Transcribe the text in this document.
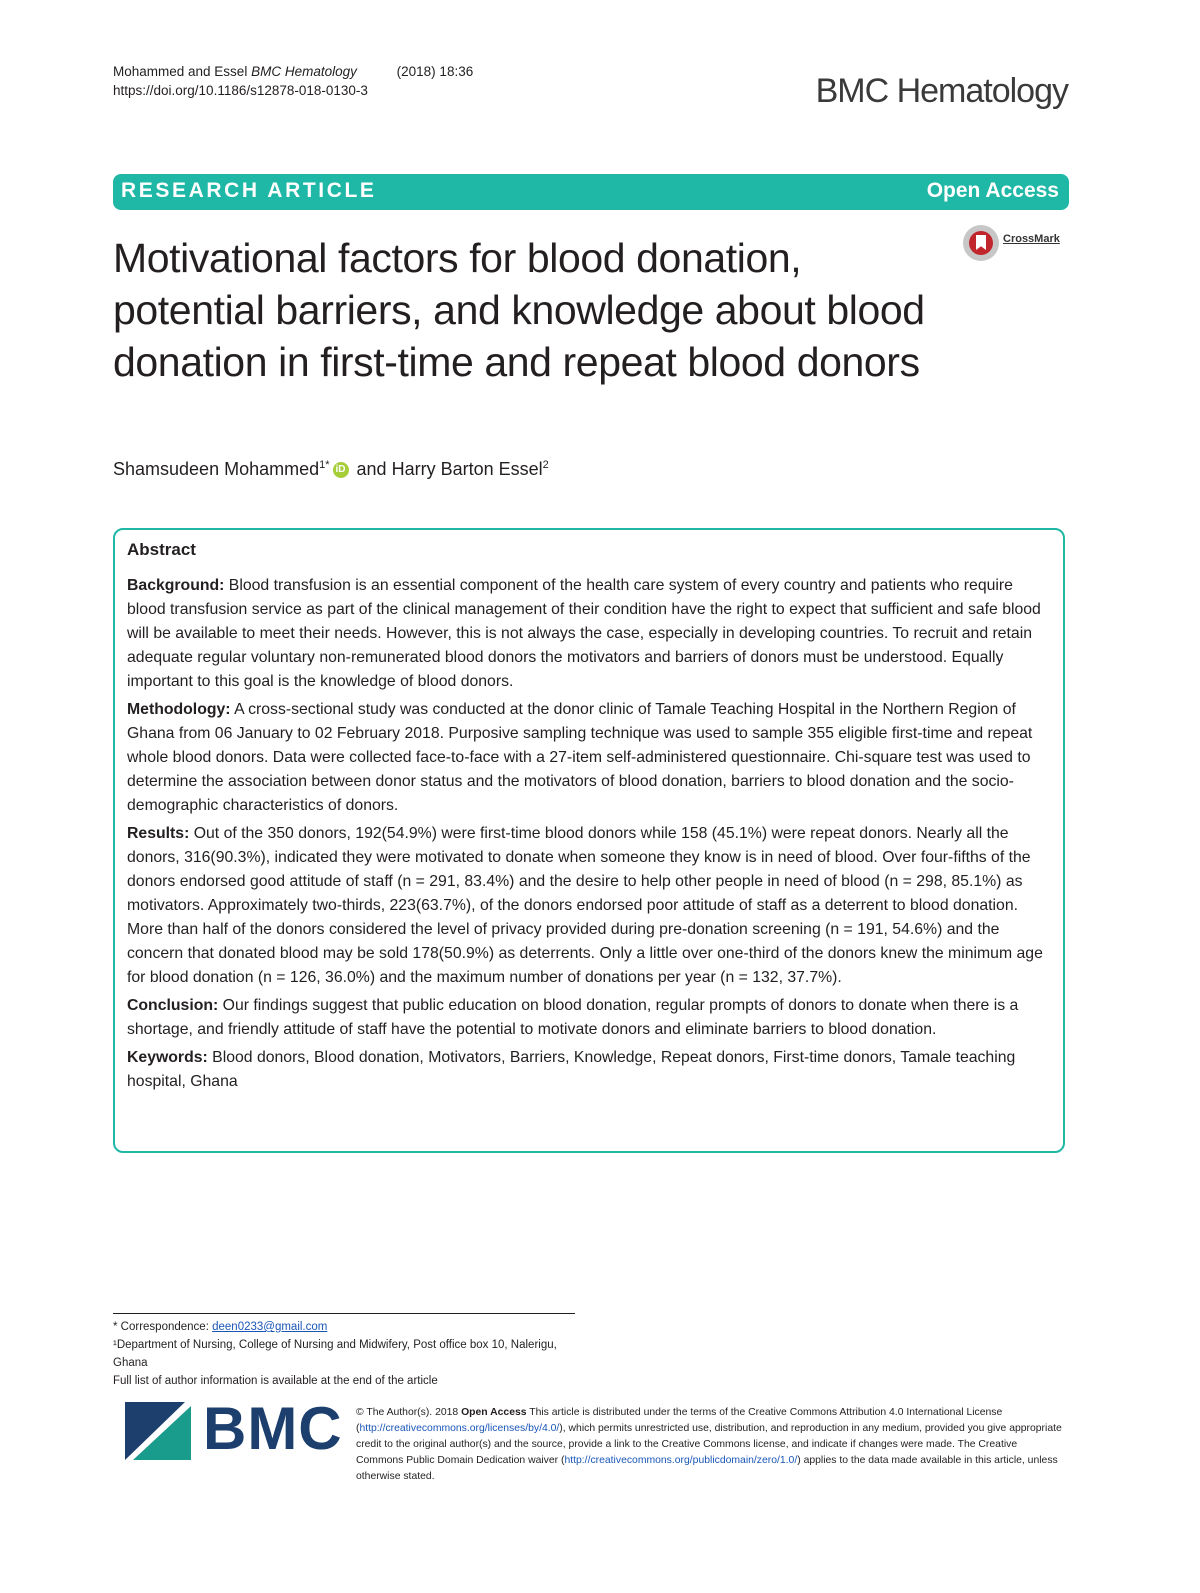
Mohammed and Essel BMC Hematology	(2018) 18:36
https://doi.org/10.1186/s12878-018-0130-3	BMC Hematology
RESEARCH ARTICLE	Open Access
CrossMark
Motivational factors for blood donation, potential barriers, and knowledge about blood donation in first-time and repeat blood donors
Shamsudeen Mohammed$^{1*}$ iD and Harry Barton Essel$^2$
Abstract

Background: Blood transfusion is an essential component of the health care system of every country and patients who require blood transfusion service as part of the clinical management of their condition have the right to expect that sufficient and safe blood will be available to meet their needs. However, this is not always the case, especially in developing countries. To recruit and retain adequate regular voluntary non-remunerated blood donors the motivators and barriers of donors must be understood. Equally important to this goal is the knowledge of blood donors.

Methodology: A cross-sectional study was conducted at the donor clinic of Tamale Teaching Hospital in the Northern Region of Ghana from 06 January to 02 February 2018. Purposive sampling technique was used to sample 355 eligible first-time and repeat whole blood donors. Data were collected face-to-face with a 27-item self-administered questionnaire. Chi-square test was used to determine the association between donor status and the motivators of blood donation, barriers to blood donation and the socio-demographic characteristics of donors.

Results: Out of the 350 donors, 192(54.9%) were first-time blood donors while 158 (45.1%) were repeat donors. Nearly all the donors, 316(90.3%), indicated they were motivated to donate when someone they know is in need of blood. Over four-fifths of the donors endorsed good attitude of staff (n = 291, 83.4%) and the desire to help other people in need of blood (n = 298, 85.1%) as motivators. Approximately two-thirds, 223(63.7%), of the donors endorsed poor attitude of staff as a deterrent to blood donation. More than half of the donors considered the level of privacy provided during pre-donation screening (n = 191, 54.6%) and the concern that donated blood may be sold 178(50.9%) as deterrents. Only a little over one-third of the donors knew the minimum age for blood donation (n = 126, 36.0%) and the maximum number of donations per year (n = 132, 37.7%).

Conclusion: Our findings suggest that public education on blood donation, regular prompts of donors to donate when there is a shortage, and friendly attitude of staff have the potential to motivate donors and eliminate barriers to blood donation.

Keywords: Blood donors, Blood donation, Motivators, Barriers, Knowledge, Repeat donors, First-time donors, Tamale teaching hospital, Ghana

* Correspondence: deen0233@gmail.com
¹Department of Nursing, College of Nursing and Midwifery, Post office box 10, Nalerigu, Ghana
Full list of author information is available at the end of the article
BMC © The Author(s). 2018 Open Access This article is distributed under the terms of the Creative Commons Attribution 4.0 International License (http://creativecommons.org/licenses/by/4.0/), which permits unrestricted use, distribution, and reproduction in any medium, provided you give appropriate credit to the original author(s) and the source, provide a link to the Creative Commons license, and indicate if changes were made. The Creative Commons Public Domain Dedication waiver (http://creativecommons.org/publicdomain/zero/1.0/) applies to the data made available in this article, unless otherwise stated.
